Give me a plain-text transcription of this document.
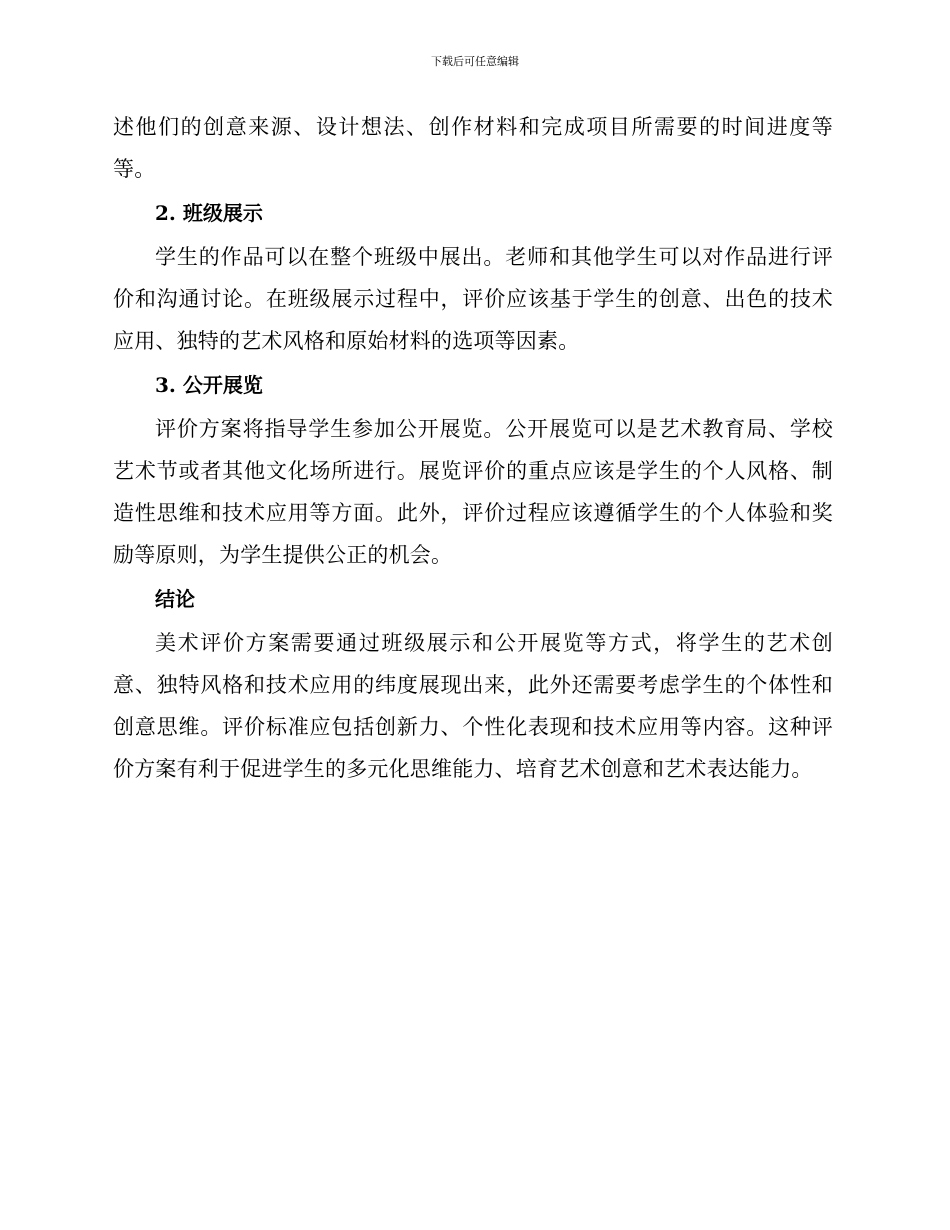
下载后可任意编辑

述他们的创意来源、设计想法、创作材料和完成项目所需要的时间进度等等。

2. 班级展示

学生的作品可以在整个班级中展出。老师和其他学生可以对作品进行评价和沟通讨论。在班级展示过程中，评价应该基于学生的创意、出色的技术应用、独特的艺术风格和原始材料的选项等因素。

3. 公开展览

评价方案将指导学生参加公开展览。公开展览可以是艺术教育局、学校艺术节或者其他文化场所进行。展览评价的重点应该是学生的个人风格、制造性思维和技术应用等方面。此外，评价过程应该遵循学生的个人体验和奖励等原则，为学生提供公正的机会。

结论

美术评价方案需要通过班级展示和公开展览等方式，将学生的艺术创意、独特风格和技术应用的纬度展现出来，此外还需要考虑学生的个体性和创意思维。评价标准应包括创新力、个性化表现和技术应用等内容。这种评价方案有利于促进学生的多元化思维能力、培育艺术创意和艺术表达能力。
